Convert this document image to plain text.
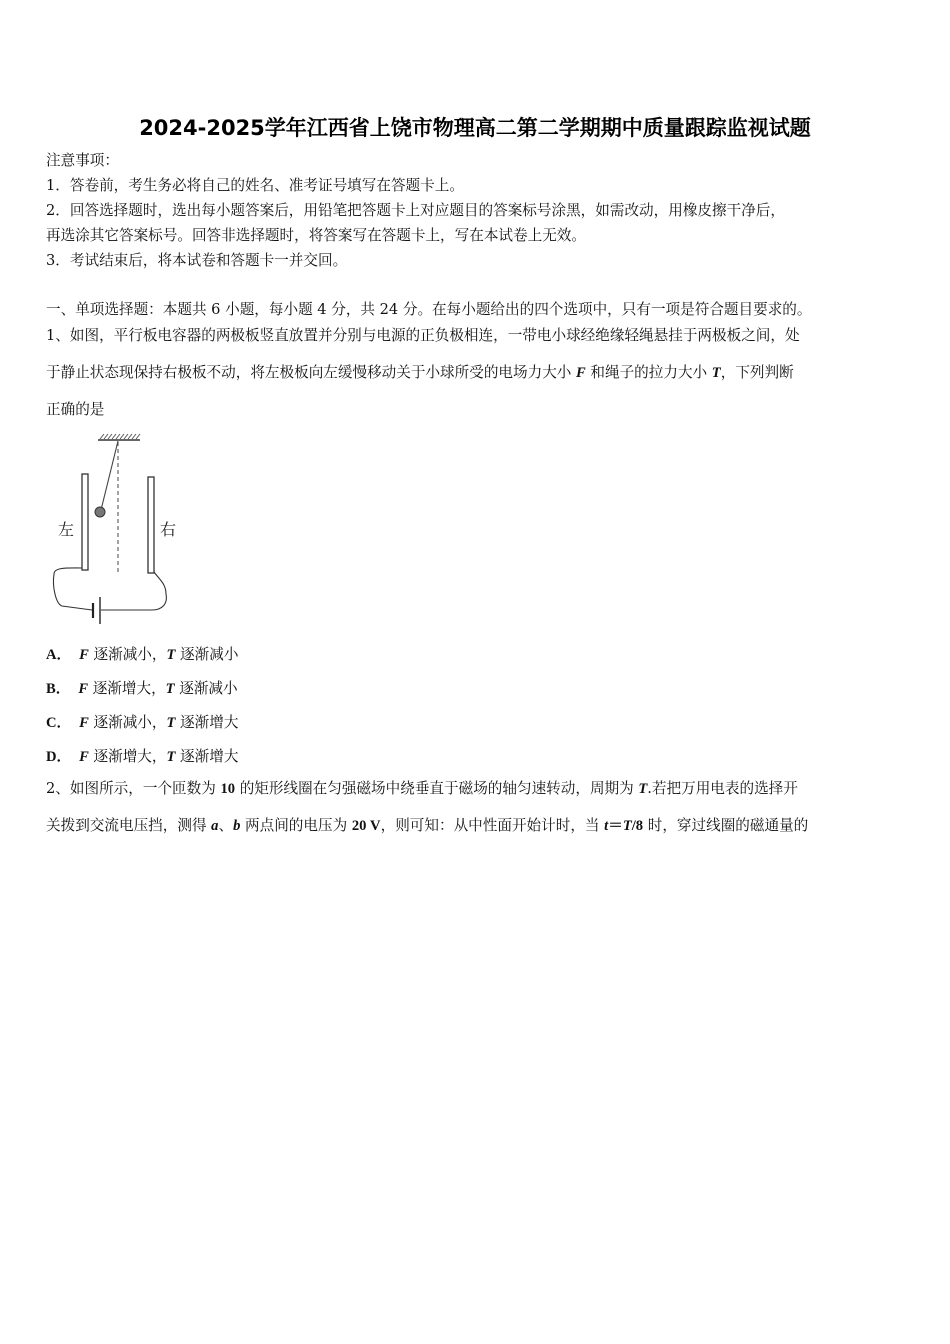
2024-2025学年江西省上饶市物理高二第二学期期中质量跟踪监视试题
注意事项：
1．答卷前，考生务必将自己的姓名、准考证号填写在答题卡上。
2．回答选择题时，选出每小题答案后，用铅笔把答题卡上对应题目的答案标号涂黑，如需改动，用橡皮擦干净后，
再选涂其它答案标号。回答非选择题时，将答案写在答题卡上，写在本试卷上无效。
3．考试结束后，将本试卷和答题卡一并交回。
一、单项选择题：本题共 6 小题，每小题 4 分，共 24 分。在每小题给出的四个选项中，只有一项是符合题目要求的。
1、如图，平行板电容器的两极板竖直放置并分别与电源的正负极相连，一带电小球经绝缘轻绳悬挂于两极板之间，处
于静止状态现保持右极板不动，将左极板向左缓慢移动关于小球所受的电场力大小 F 和绳子的拉力大小 T，下列判断
正确的是
左	右
A． F 逐渐减小，T 逐渐减小
B． F 逐渐增大，T 逐渐减小
C． F 逐渐减小，T 逐渐增大
D． F 逐渐增大，T 逐渐增大
2、如图所示，一个匝数为 10 的矩形线圈在匀强磁场中绕垂直于磁场的轴匀速转动，周期为 T.若把万用电表的选择开
关拨到交流电压挡，测得 a、b 两点间的电压为 20 V，则可知：从中性面开始计时，当 t＝T/8 时，穿过线圈的磁通量的
